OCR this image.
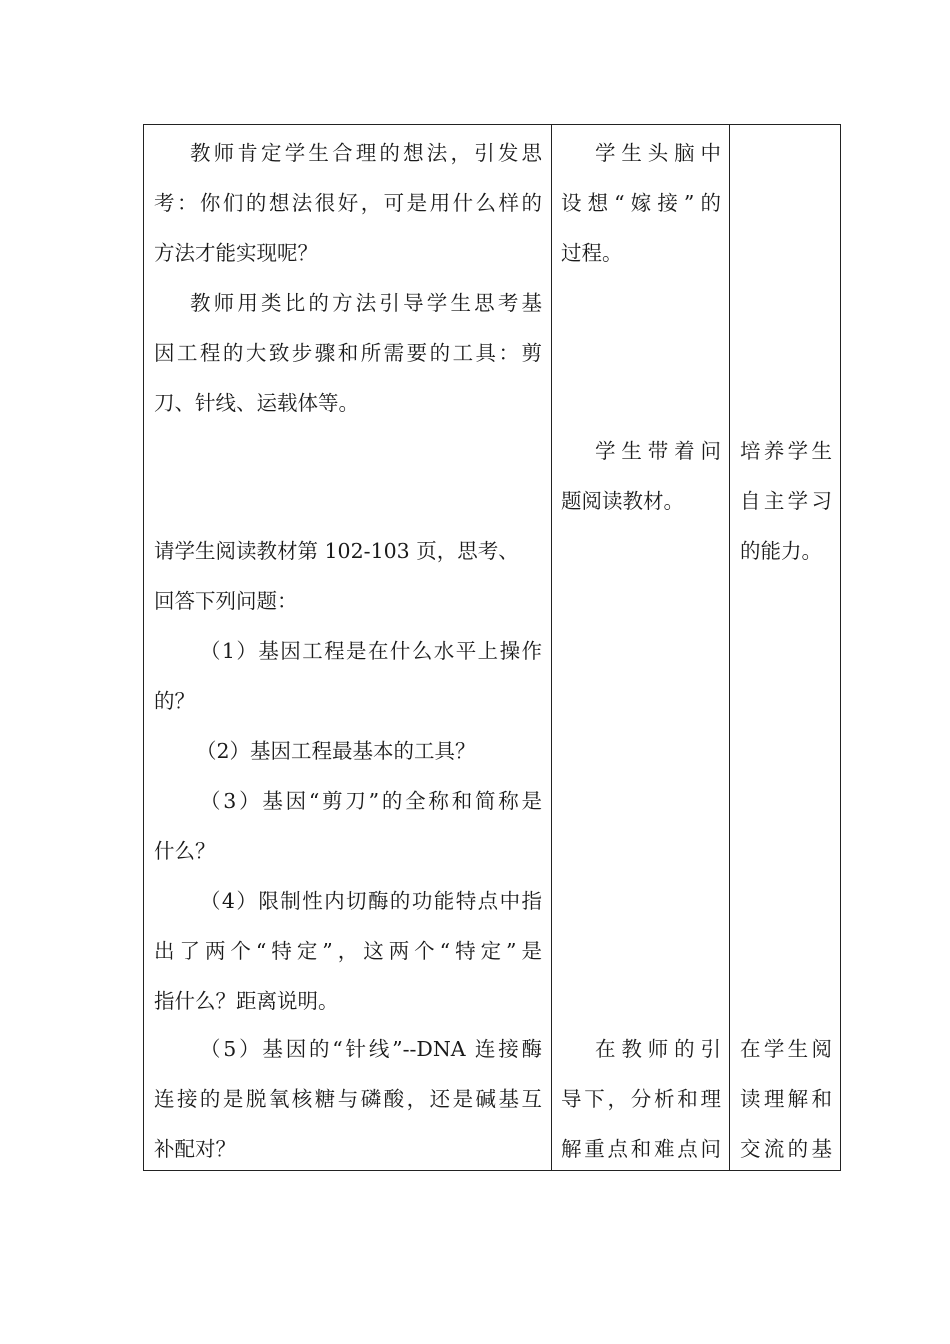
教师肯定学生合理的想法，引发思
考：你们的想法很好，可是用什么样的
方法才能实现呢？
教师用类比的方法引导学生思考基
因工程的大致步骤和所需要的工具：剪
刀、针线、运载体等。
请学生阅读教材第 102-103 页，思考、
回答下列问题：
（1）基因工程是在什么水平上操作
的？
（2）基因工程最基本的工具？
（3）基因“剪刀”的全称和简称是
什么？
（4）限制性内切酶的功能特点中指
出了两个“特定”，这两个“特定”是
指什么？距离说明。
（5）基因的“针线”--DNA 连接酶
连接的是脱氧核糖与磷酸，还是碱基互
补配对？
学生头脑中
设想“嫁接”的
过程。
学生带着问
题阅读教材。
在教师的引
导下，分析和理
解重点和难点问
培养学生
自主学习
的能力。
在学生阅
读理解和
交流的基
